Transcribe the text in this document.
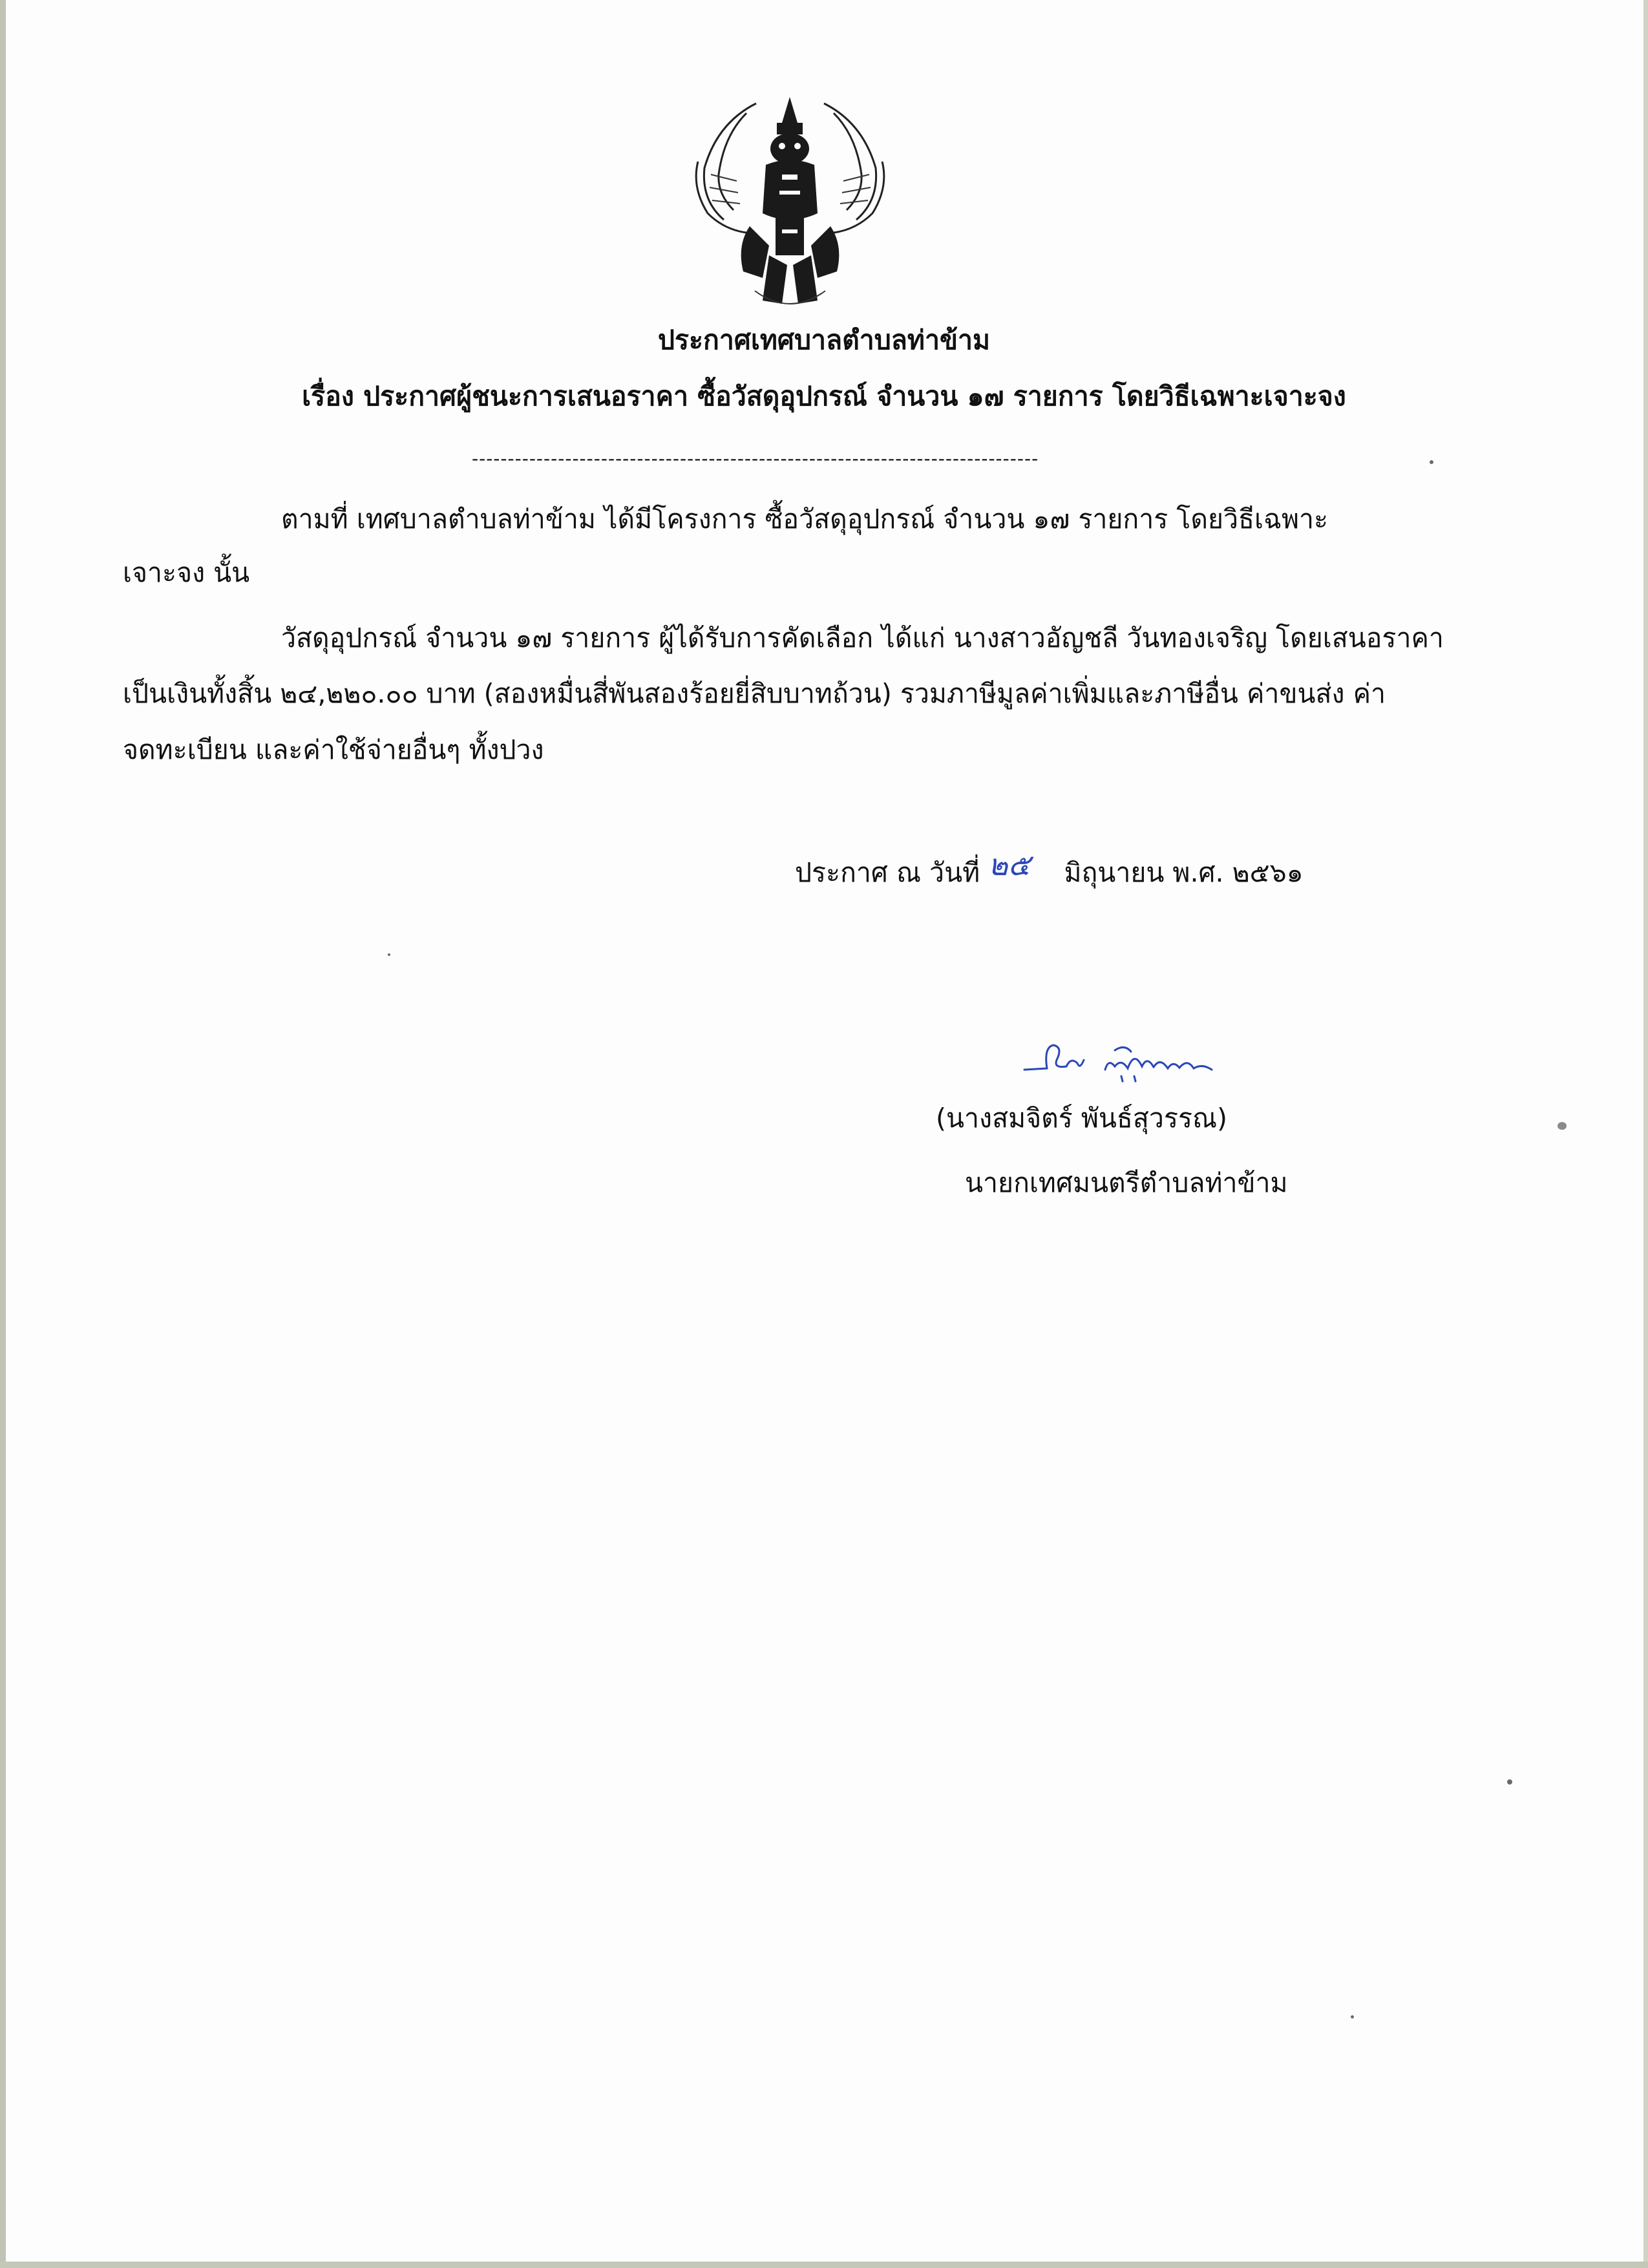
ประกาศเทศบาลตำบลท่าข้าม
เรื่อง ประกาศผู้ชนะการเสนอราคา ซื้อวัสดุอุปกรณ์ จำนวน ๑๗ รายการ โดยวิธีเฉพาะเจาะจง
-------------------------------------------------------------------------------
ตามที่ เทศบาลตำบลท่าข้าม ได้มีโครงการ ซื้อวัสดุอุปกรณ์ จำนวน ๑๗ รายการ โดยวิธีเฉพาะ
เจาะจง นั้น
วัสดุอุปกรณ์ จำนวน ๑๗ รายการ ผู้ได้รับการคัดเลือก ได้แก่ นางสาวอัญชลี วันทองเจริญ โดยเสนอราคา
เป็นเงินทั้งสิ้น ๒๔,๒๒๐.๐๐ บาท (สองหมื่นสี่พันสองร้อยยี่สิบบาทถ้วน) รวมภาษีมูลค่าเพิ่มและภาษีอื่น ค่าขนส่ง ค่า
จดทะเบียน และค่าใช้จ่ายอื่นๆ ทั้งปวง
ประกาศ ณ วันที่ ๒๕ มิถุนายน พ.ศ. ๒๕๖๑
(นางสมจิตร์ พันธ์สุวรรณ)
นายกเทศมนตรีตำบลท่าข้าม
